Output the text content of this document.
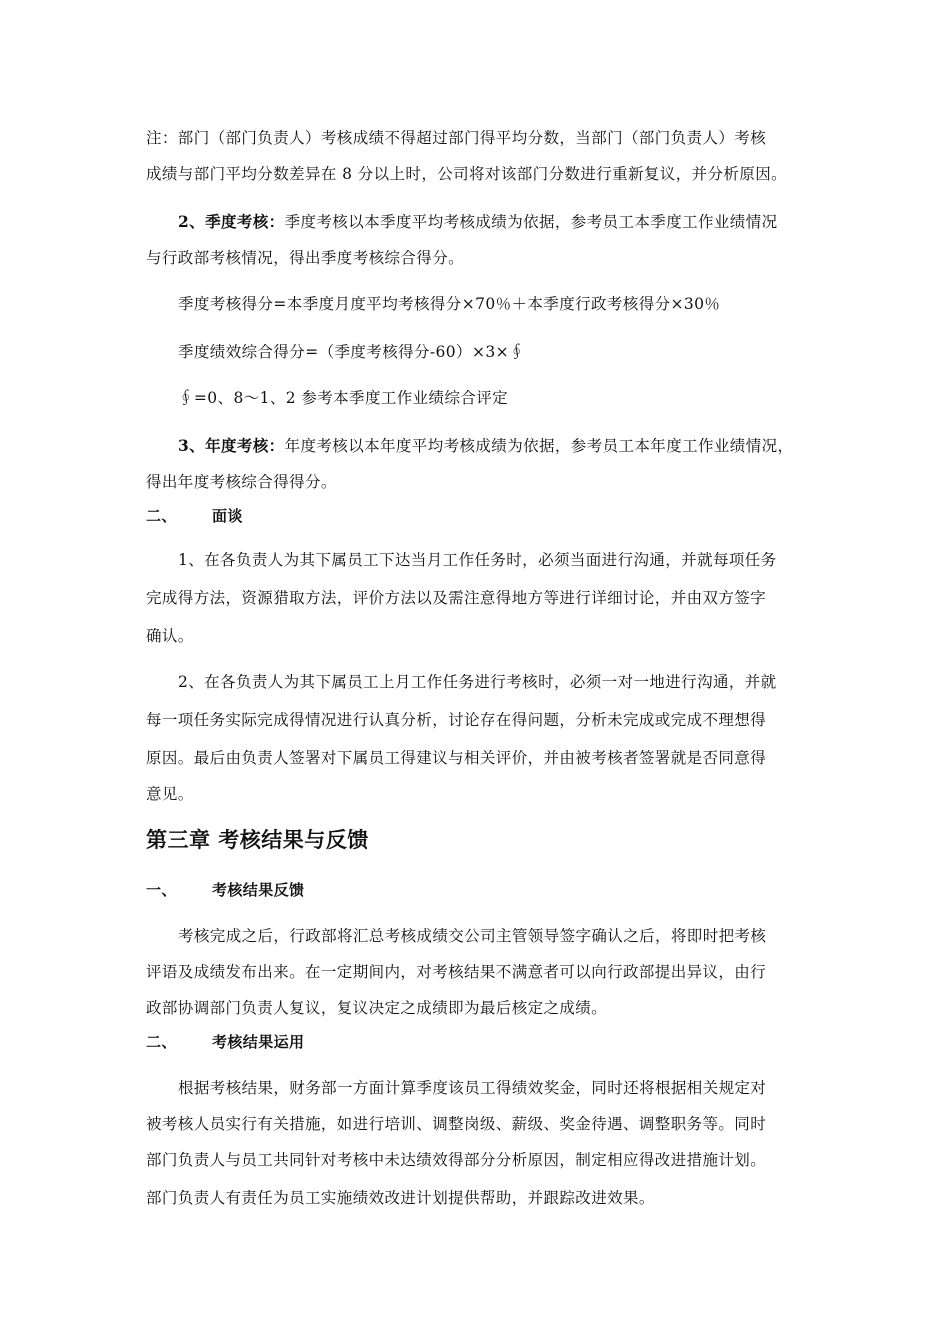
注：部门（部门负责人）考核成绩不得超过部门得平均分数，当部门（部门负责人）考核
成绩与部门平均分数差异在 8 分以上时，公司将对该部门分数进行重新复议，并分析原因。
2、季度考核：季度考核以本季度平均考核成绩为依据，参考员工本季度工作业绩情况
与行政部考核情况，得出季度考核综合得分。
季度考核得分=本季度月度平均考核得分×70％＋本季度行政考核得分×30％
季度绩效综合得分=（季度考核得分-60）×3×∮
∮=0、8～1、2 参考本季度工作业绩综合评定
3、年度考核：年度考核以本年度平均考核成绩为依据，参考员工本年度工作业绩情况，
得出年度考核综合得得分。
二、 面谈
1、在各负责人为其下属员工下达当月工作任务时，必须当面进行沟通，并就每项任务
完成得方法，资源猎取方法，评价方法以及需注意得地方等进行详细讨论，并由双方签字
确认。
2、在各负责人为其下属员工上月工作任务进行考核时，必须一对一地进行沟通，并就
每一项任务实际完成得情况进行认真分析，讨论存在得问题，分析未完成或完成不理想得
原因。最后由负责人签署对下属员工得建议与相关评价，并由被考核者签署就是否同意得
意见。
第三章 考核结果与反馈
一、 考核结果反馈
考核完成之后，行政部将汇总考核成绩交公司主管领导签字确认之后，将即时把考核
评语及成绩发布出来。在一定期间内，对考核结果不满意者可以向行政部提出异议，由行
政部协调部门负责人复议，复议决定之成绩即为最后核定之成绩。
二、 考核结果运用
根据考核结果，财务部一方面计算季度该员工得绩效奖金，同时还将根据相关规定对
被考核人员实行有关措施，如进行培训、调整岗级、薪级、奖金待遇、调整职务等。同时
部门负责人与员工共同针对考核中未达绩效得部分分析原因，制定相应得改进措施计划。
部门负责人有责任为员工实施绩效改进计划提供帮助，并跟踪改进效果。
